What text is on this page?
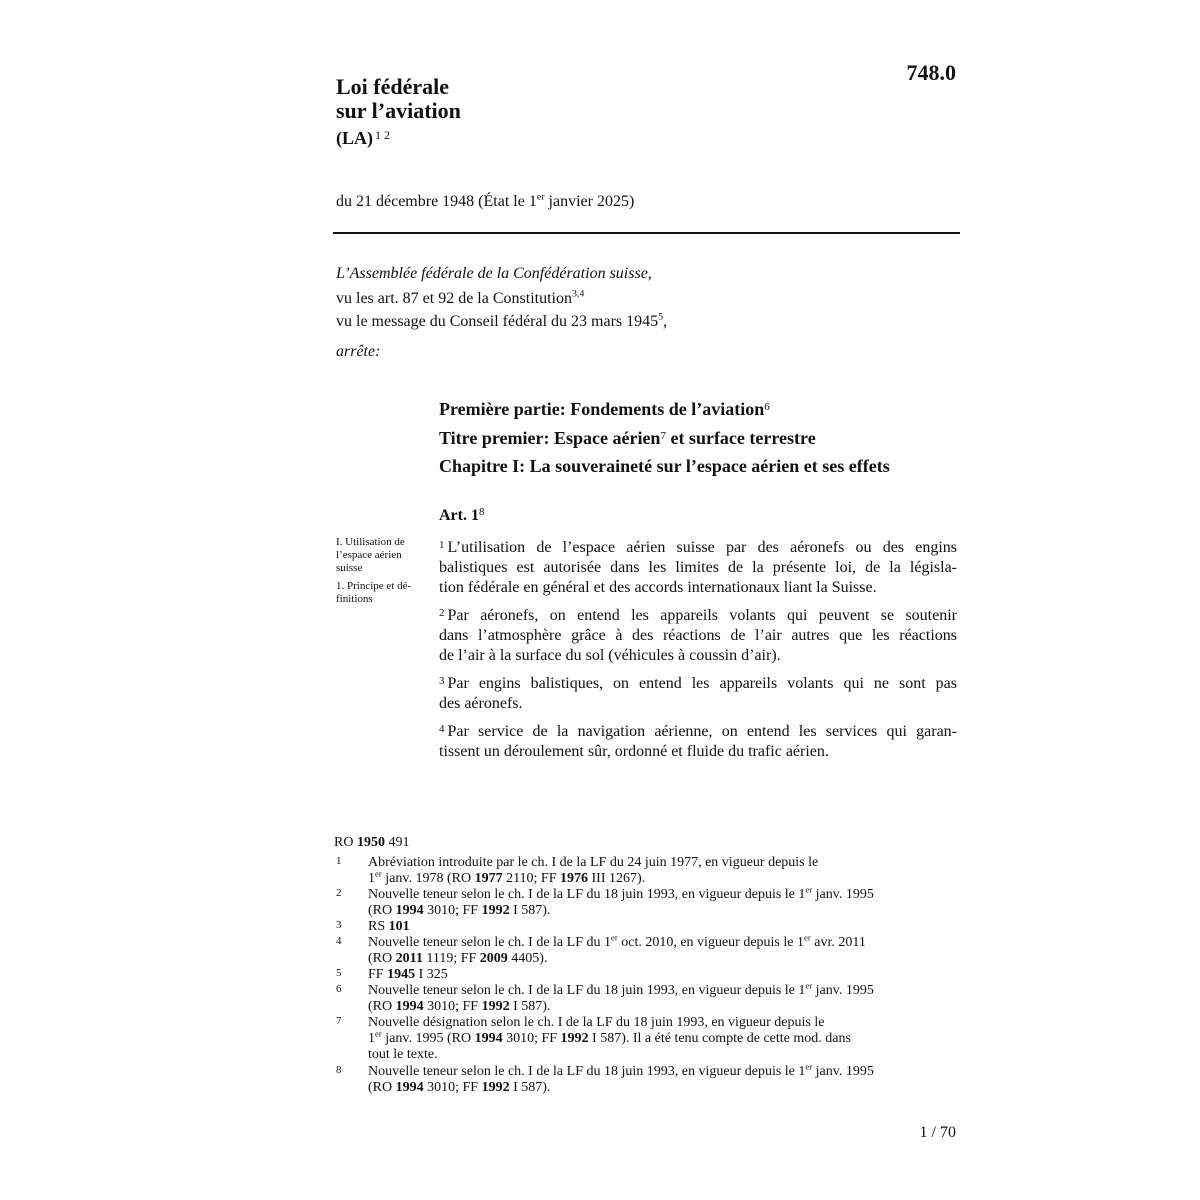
748.0
Loi fédérale
sur l’aviation
(LA) $^{1 2}$
du 21 décembre 1948 (État le 1er janvier 2025)
L’Assemblée fédérale de la Confédération suisse,
vu les art. 87 et 92 de la Constitution$^{3,4}$
vu le message du Conseil fédéral du 23 mars 1945$^5$,
arrête:
Première partie: Fondements de l’aviation$^6$
Titre premier: Espace aérien$^7$ et surface terrestre
Chapitre I: La souveraineté sur l’espace aérien et ses effets
Art. 1$^8$
I. Utilisation de
l’espace aérien
suisse
1. Principe et dé-
finitions
$^1$ L’utilisation de l’espace aérien suisse par des aéronefs ou des engins
balistiques est autorisée dans les limites de la présente loi, de la législa-
tion fédérale en général et des accords internationaux liant la Suisse.
$^2$ Par aéronefs, on entend les appareils volants qui peuvent se soutenir
dans l’atmosphère grâce à des réactions de l’air autres que les réactions
de l’air à la surface du sol (véhicules à coussin d’air).
$^3$ Par engins balistiques, on entend les appareils volants qui ne sont pas
des aéronefs.
$^4$ Par service de la navigation aérienne, on entend les services qui garan-
tissent un déroulement sûr, ordonné et fluide du trafic aérien.
RO 1950 491
1 Abréviation introduite par le ch. I de la LF du 24 juin 1977, en vigueur depuis le
1er janv. 1978 (RO 1977 2110; FF 1976 III 1267).
2 Nouvelle teneur selon le ch. I de la LF du 18 juin 1993, en vigueur depuis le 1er janv. 1995
(RO 1994 3010; FF 1992 I 587).
3 RS 101
4 Nouvelle teneur selon le ch. I de la LF du 1er oct. 2010, en vigueur depuis le 1er avr. 2011
(RO 2011 1119; FF 2009 4405).
5 FF 1945 I 325
6 Nouvelle teneur selon le ch. I de la LF du 18 juin 1993, en vigueur depuis le 1er janv. 1995
(RO 1994 3010; FF 1992 I 587).
7 Nouvelle désignation selon le ch. I de la LF du 18 juin 1993, en vigueur depuis le
1er janv. 1995 (RO 1994 3010; FF 1992 I 587). Il a été tenu compte de cette mod. dans
tout le texte.
8 Nouvelle teneur selon le ch. I de la LF du 18 juin 1993, en vigueur depuis le 1er janv. 1995
(RO 1994 3010; FF 1992 I 587).
1 / 70
